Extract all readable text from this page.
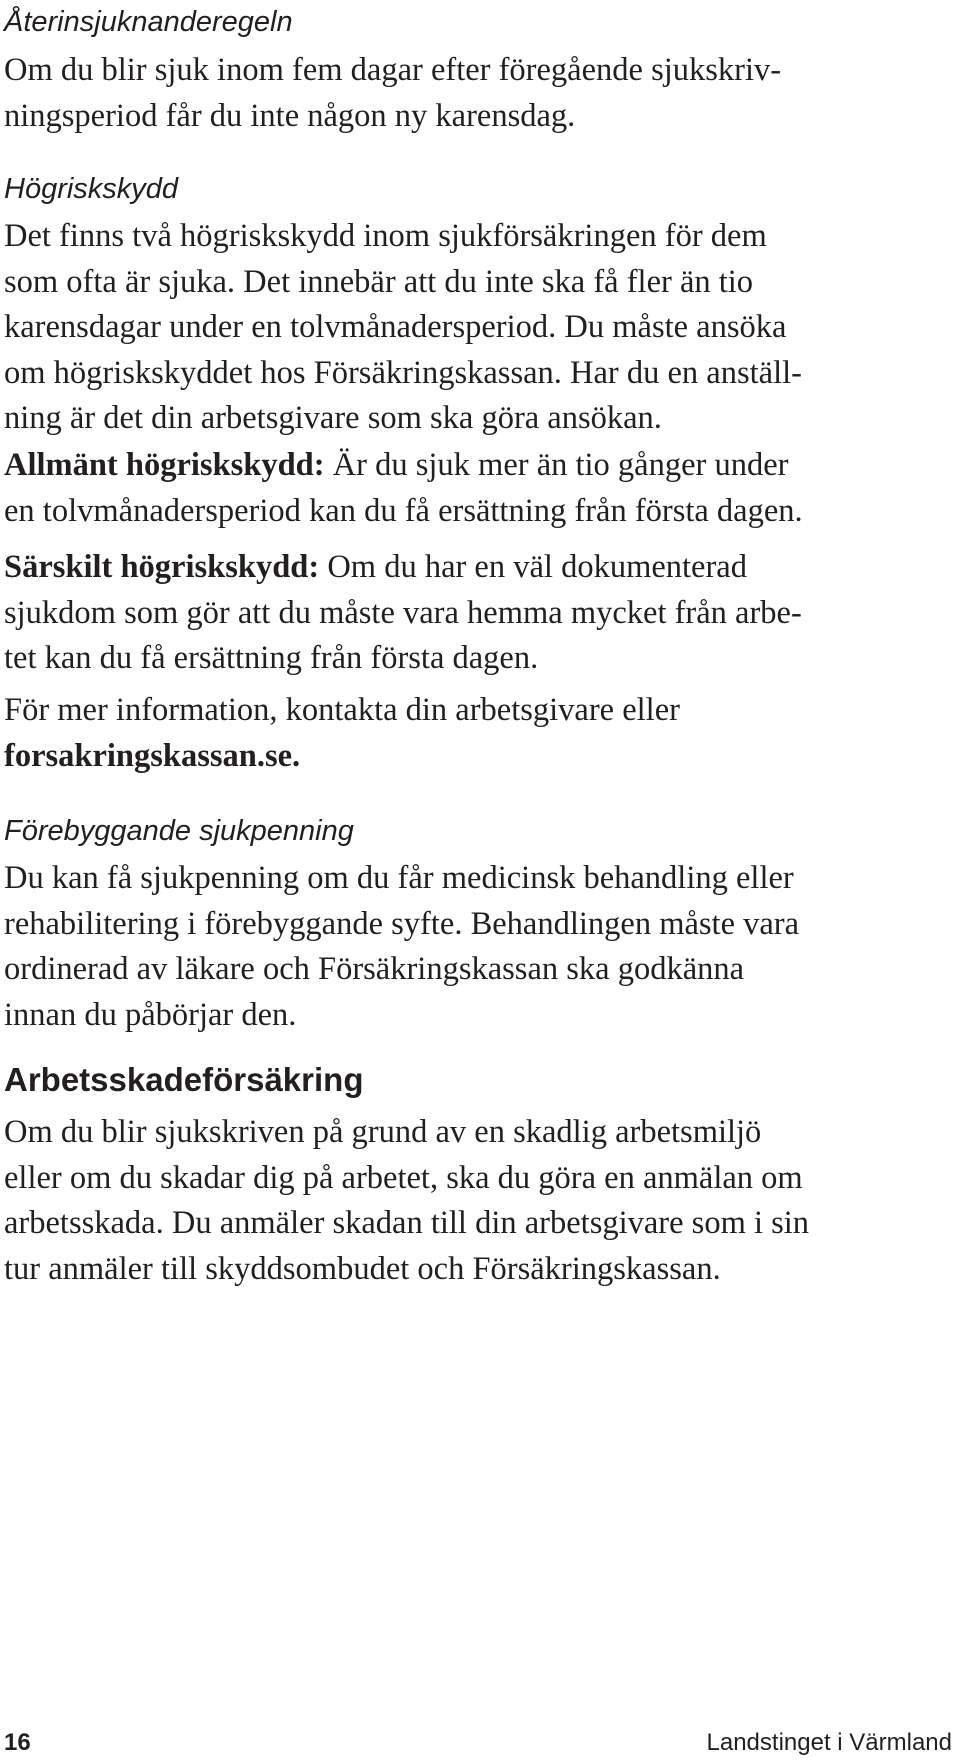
Återinsjuknanderegeln
Om du blir sjuk inom fem dagar efter föregående sjukskriv-
ningsperiod får du inte någon ny karensdag.
Högriskskydd
Det finns två högriskskydd inom sjukförsäkringen för dem
som ofta är sjuka. Det innebär att du inte ska få fler än tio
karensdagar under en tolvmånadersperiod. Du måste ansöka
om högriskskyddet hos Försäkringskassan. Har du en anställ-
ning är det din arbetsgivare som ska göra ansökan.
Allmänt högriskskydd: Är du sjuk mer än tio gånger under
en tolvmånadersperiod kan du få ersättning från första dagen.
Särskilt högriskskydd: Om du har en väl dokumenterad
sjukdom som gör att du måste vara hemma mycket från arbe-
tet kan du få ersättning från första dagen.
För mer information, kontakta din arbetsgivare eller
forsakringskassan.se.
Förebyggande sjukpenning
Du kan få sjukpenning om du får medicinsk behandling eller
rehabilitering i förebyggande syfte. Behandlingen måste vara
ordinerad av läkare och Försäkringskassan ska godkänna
innan du påbörjar den.
Arbetsskadeförsäkring
Om du blir sjukskriven på grund av en skadlig arbetsmiljö
eller om du skadar dig på arbetet, ska du göra en anmälan om
arbetsskada. Du anmäler skadan till din arbetsgivare som i sin
tur anmäler till skyddsombudet och Försäkringskassan.
16	Landstinget i Värmland
